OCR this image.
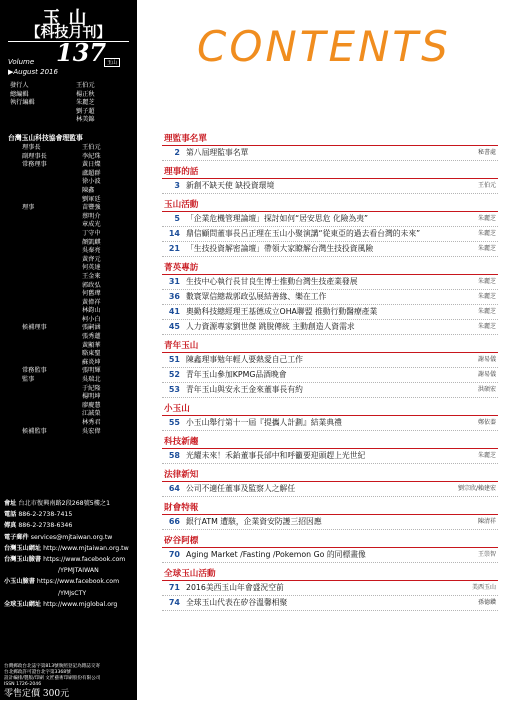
玉山
【科技月刊】
Volume 137 玉山
▶August 2016
發行人	王伯元
總編輯	楊正秋
執行編輯	朱麗芝
劉子超
林美錦
台灣玉山科技協會理監事
理事長	王伯元
副理事長	李紀珠
常務理事	黃日燦
盧超群
徐小波
陳鑫
劉軍廷
理事	苗豐強
蔡明介
章成光
丁守中
顏凱麒
吳秦亮
黃齊元
何英達
王金來
郭政弘
何舊瑋
黃偉祥
林鈞山
柯小白
候補理事	張嗣涵
張秀蓮
黃顯華
駱東聖
蘇炎坤
常務監事	張明輝
監事	吳瑞北
于紀隆
楊明坤
廖慶慧
江誠榮
林秀君
候補監事	吳宏偉
會址 台北市復興南路2段268號5樓之1
電話 886-2-2738-7415
傳真 886-2-2738-6346
電子郵件 services@mjtaiwan.org.tw
台灣玉山網址 http://www.mjtaiwan.org.tw
台灣玉山臉書 https://www.facebook.com
/YPMJTAIWAN
小玉山臉書 https://www.facebook.com
/YMJsCTY
全球玉山網址 http://www.mjglobal.org
台灣郵政台北誌字第813號執照登記為雜誌交寄
台北郵政許可證台北字第3368號
設計編排/製版/印刷 文匠藝術印刷股份有限公司
ISSN 1726-2046
零售定價 300元
一年優惠 1500元
CONTENTS
理監事名單
2 第八屆理監事名單	秘書處
理事的話
3 新創不缺天使 缺投資環境	王伯元
玉山活動
5 「企業危機管理論壇」探討如何“居安思危 化險為夷”	朱麗芝
14 鼎信顧問董事長呂正理在玉山小聚演講“從東亞的過去看台灣的未來”	朱麗芝
21 「生技投資解密論壇」帶領大家瞭解台灣生技投資風險	朱麗芝
菁英專訪
31 生技中心執行長甘良生博士推動台灣生技產業發展	朱麗芝
36 數寰眾信總裁郭政弘展結善緣、樂在工作	朱麗芝
41 奧勤科技總經理王基德成立OHA聯盟 推動行動醫療產業	朱麗芝
45 人力資源專家劉世傑 跳脫傳統 主動創造人資需求	朱麗芝
青年玉山
51 陳鑫理事勉年輕人要熱愛自己工作	謝易儀
52 青年玉山參加KPMG品酒晚會	謝易儀
53 青年玉山與安永王金來董事長有約	洪碩宏
小玉山
55 小玉山舉行第十一屆『提攜人計劃』結業典禮	鄭依蓁
科技新趨
58 光耀未來！禾鈶董事長邰中和呼籲要迎頭趕上光世紀	朱麗芝
法律新知
64 公司不適任董事及監察人之解任	劉宗欣/賴建宏
財會特報
66 銀行ATM 遭駭，企業資安防護三招因應	陳清祥
矽谷阿標
70 Aging Market /Fasting /Pokemon Go 的同標畫像	王崇智
全球玉山活動
71 2016美西玉山年會盛況空前	美西玉山
74 全球玉山代表在矽谷溫馨相聚	孫德鑽
